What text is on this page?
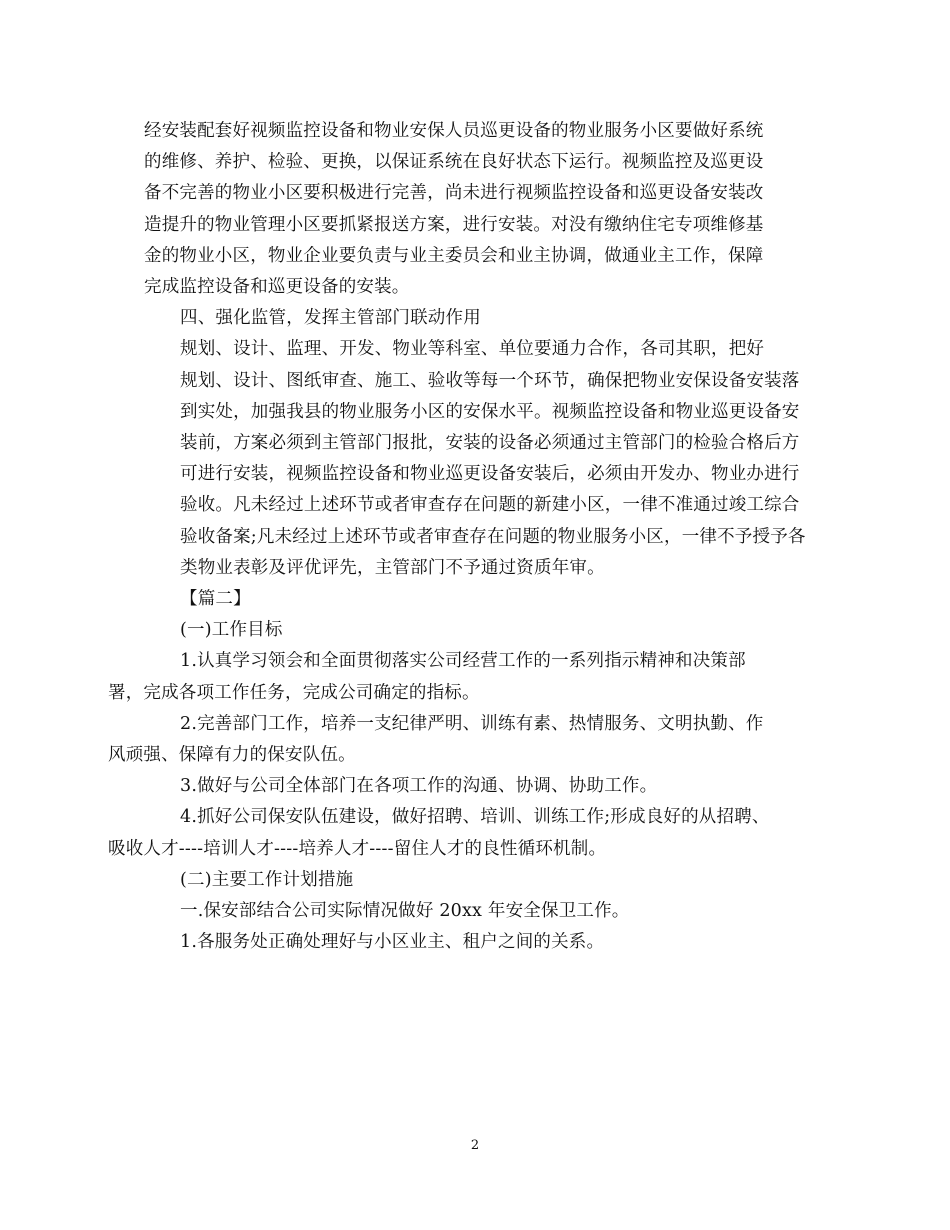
经安装配套好视频监控设备和物业安保人员巡更设备的物业服务小区要做好系统
的维修、养护、检验、更换，以保证系统在良好状态下运行。视频监控及巡更设
备不完善的物业小区要积极进行完善，尚未进行视频监控设备和巡更设备安装改
造提升的物业管理小区要抓紧报送方案，进行安装。对没有缴纳住宅专项维修基
金的物业小区，物业企业要负责与业主委员会和业主协调，做通业主工作，保障
完成监控设备和巡更设备的安装。

四、强化监管，发挥主管部门联动作用

规划、设计、监理、开发、物业等科室、单位要通力合作，各司其职，把好
规划、设计、图纸审查、施工、验收等每一个环节，确保把物业安保设备安装落
到实处，加强我县的物业服务小区的安保水平。视频监控设备和物业巡更设备安
装前，方案必须到主管部门报批，安装的设备必须通过主管部门的检验合格后方
可进行安装，视频监控设备和物业巡更设备安装后，必须由开发办、物业办进行
验收。凡未经过上述环节或者审查存在问题的新建小区，一律不准通过竣工综合
验收备案;凡未经过上述环节或者审查存在问题的物业服务小区，一律不予授予各
类物业表彰及评优评先，主管部门不予通过资质年审。

【篇二】

(一)工作目标

1.认真学习领会和全面贯彻落实公司经营工作的一系列指示精神和决策部
署，完成各项工作任务，完成公司确定的指标。

2.完善部门工作，培养一支纪律严明、训练有素、热情服务、文明执勤、作
风顽强、保障有力的保安队伍。

3.做好与公司全体部门在各项工作的沟通、协调、协助工作。

4.抓好公司保安队伍建设，做好招聘、培训、训练工作;形成良好的从招聘、
吸收人才----培训人才----培养人才----留住人才的良性循环机制。

(二)主要工作计划措施

一.保安部结合公司实际情况做好 20xx 年安全保卫工作。

1.各服务处正确处理好与小区业主、租户之间的关系。

2
